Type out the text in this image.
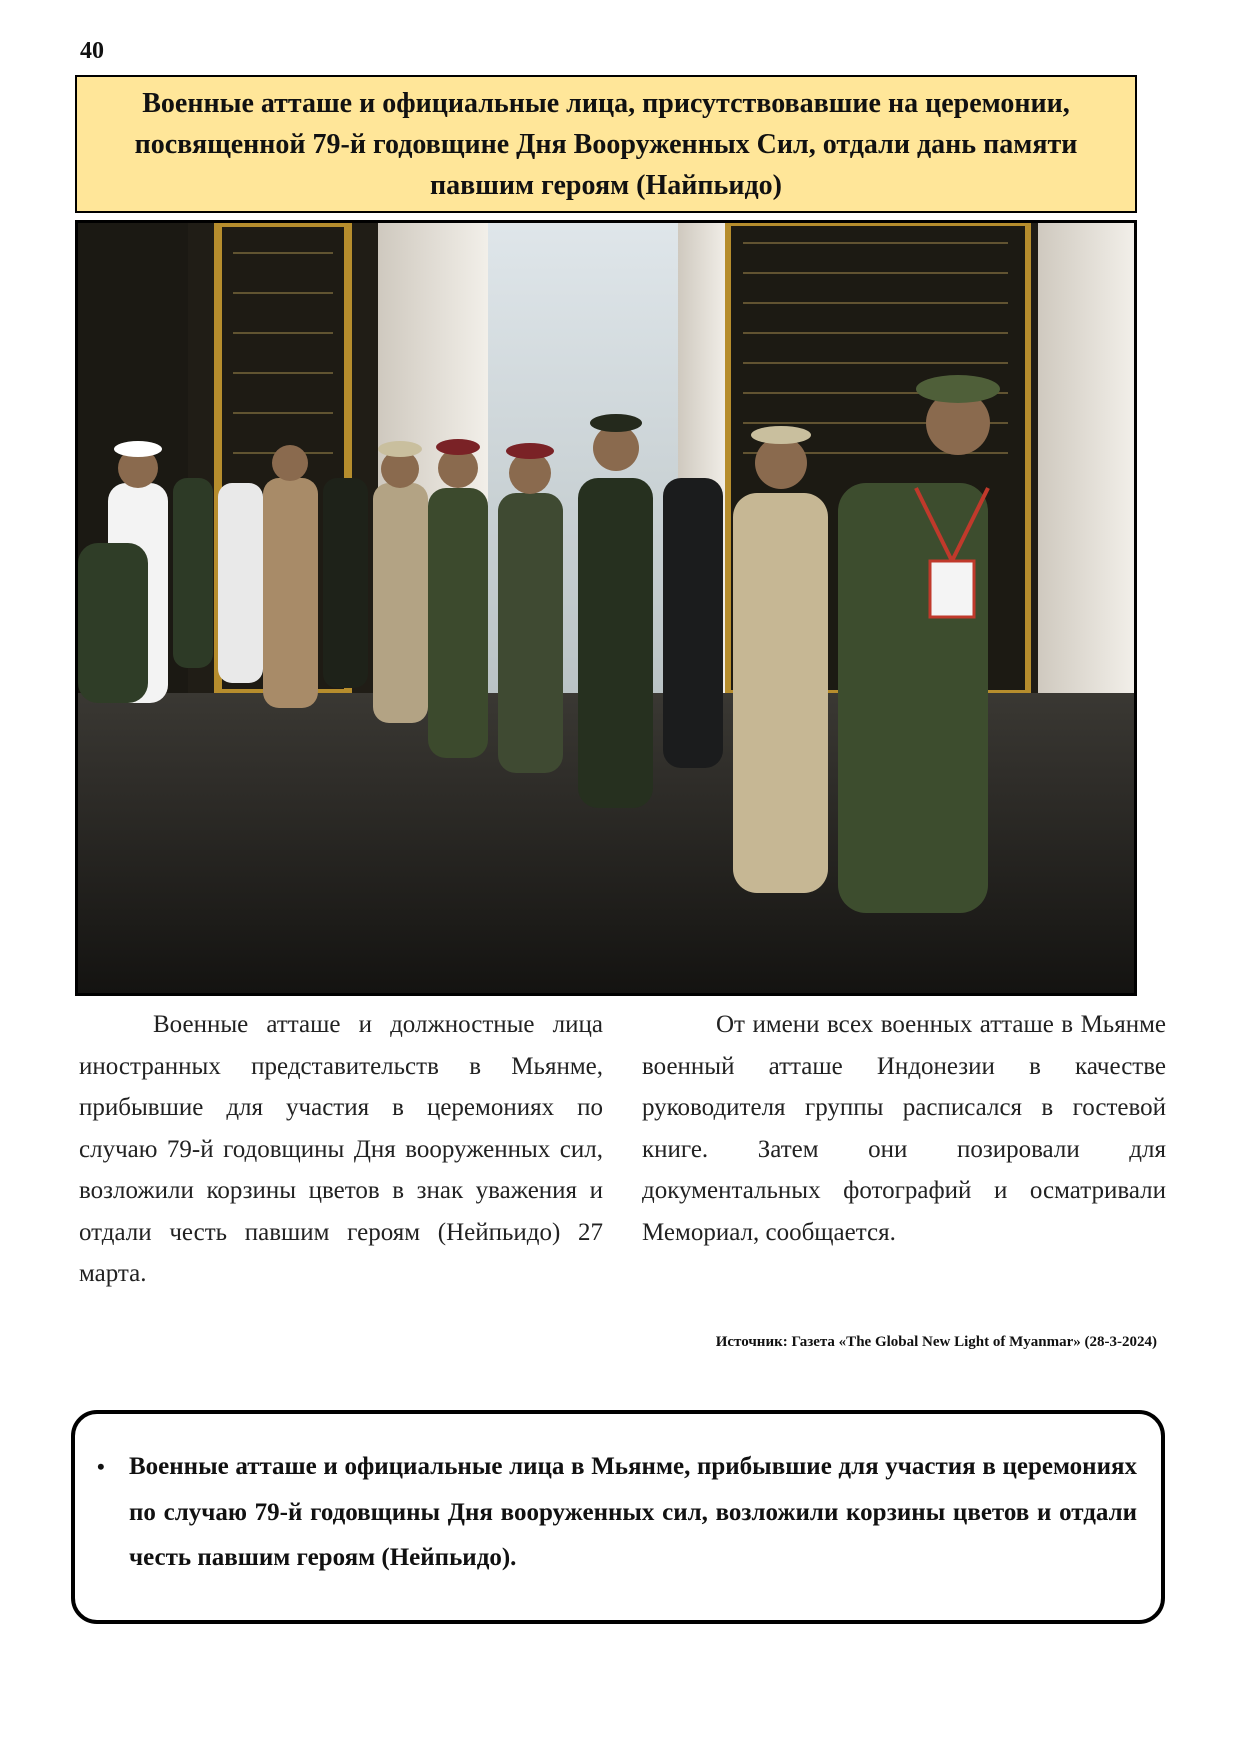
40
Военные атташе и официальные лица, присутствовавшие на церемонии, посвященной 79-й годовщине Дня Вооруженных Сил, отдали дань памяти павшим героям (Найпьидо)

Военные атташе и должностные лица иностранных представительств в Мьянме, прибывшие для участия в церемониях по случаю 79-й годовщины Дня вооруженных сил, возложили корзины цветов в знак уважения и отдали честь павшим героям (Нейпьидо) 27 марта.

От имени всех военных атташе в Мьянме военный атташе Индонезии в качестве руководителя группы расписался в гостевой книге. Затем они позировали для документальных фотографий и осматривали Мемориал, сообщается.

Источник: Газета «The Global New Light of Myanmar» (28-3-2024)
• Военные атташе и официальные лица в Мьянме, прибывшие для участия в церемониях по случаю 79-й годовщины Дня вооруженных сил, возложили корзины цветов и отдали честь павшим героям (Нейпьидо).
